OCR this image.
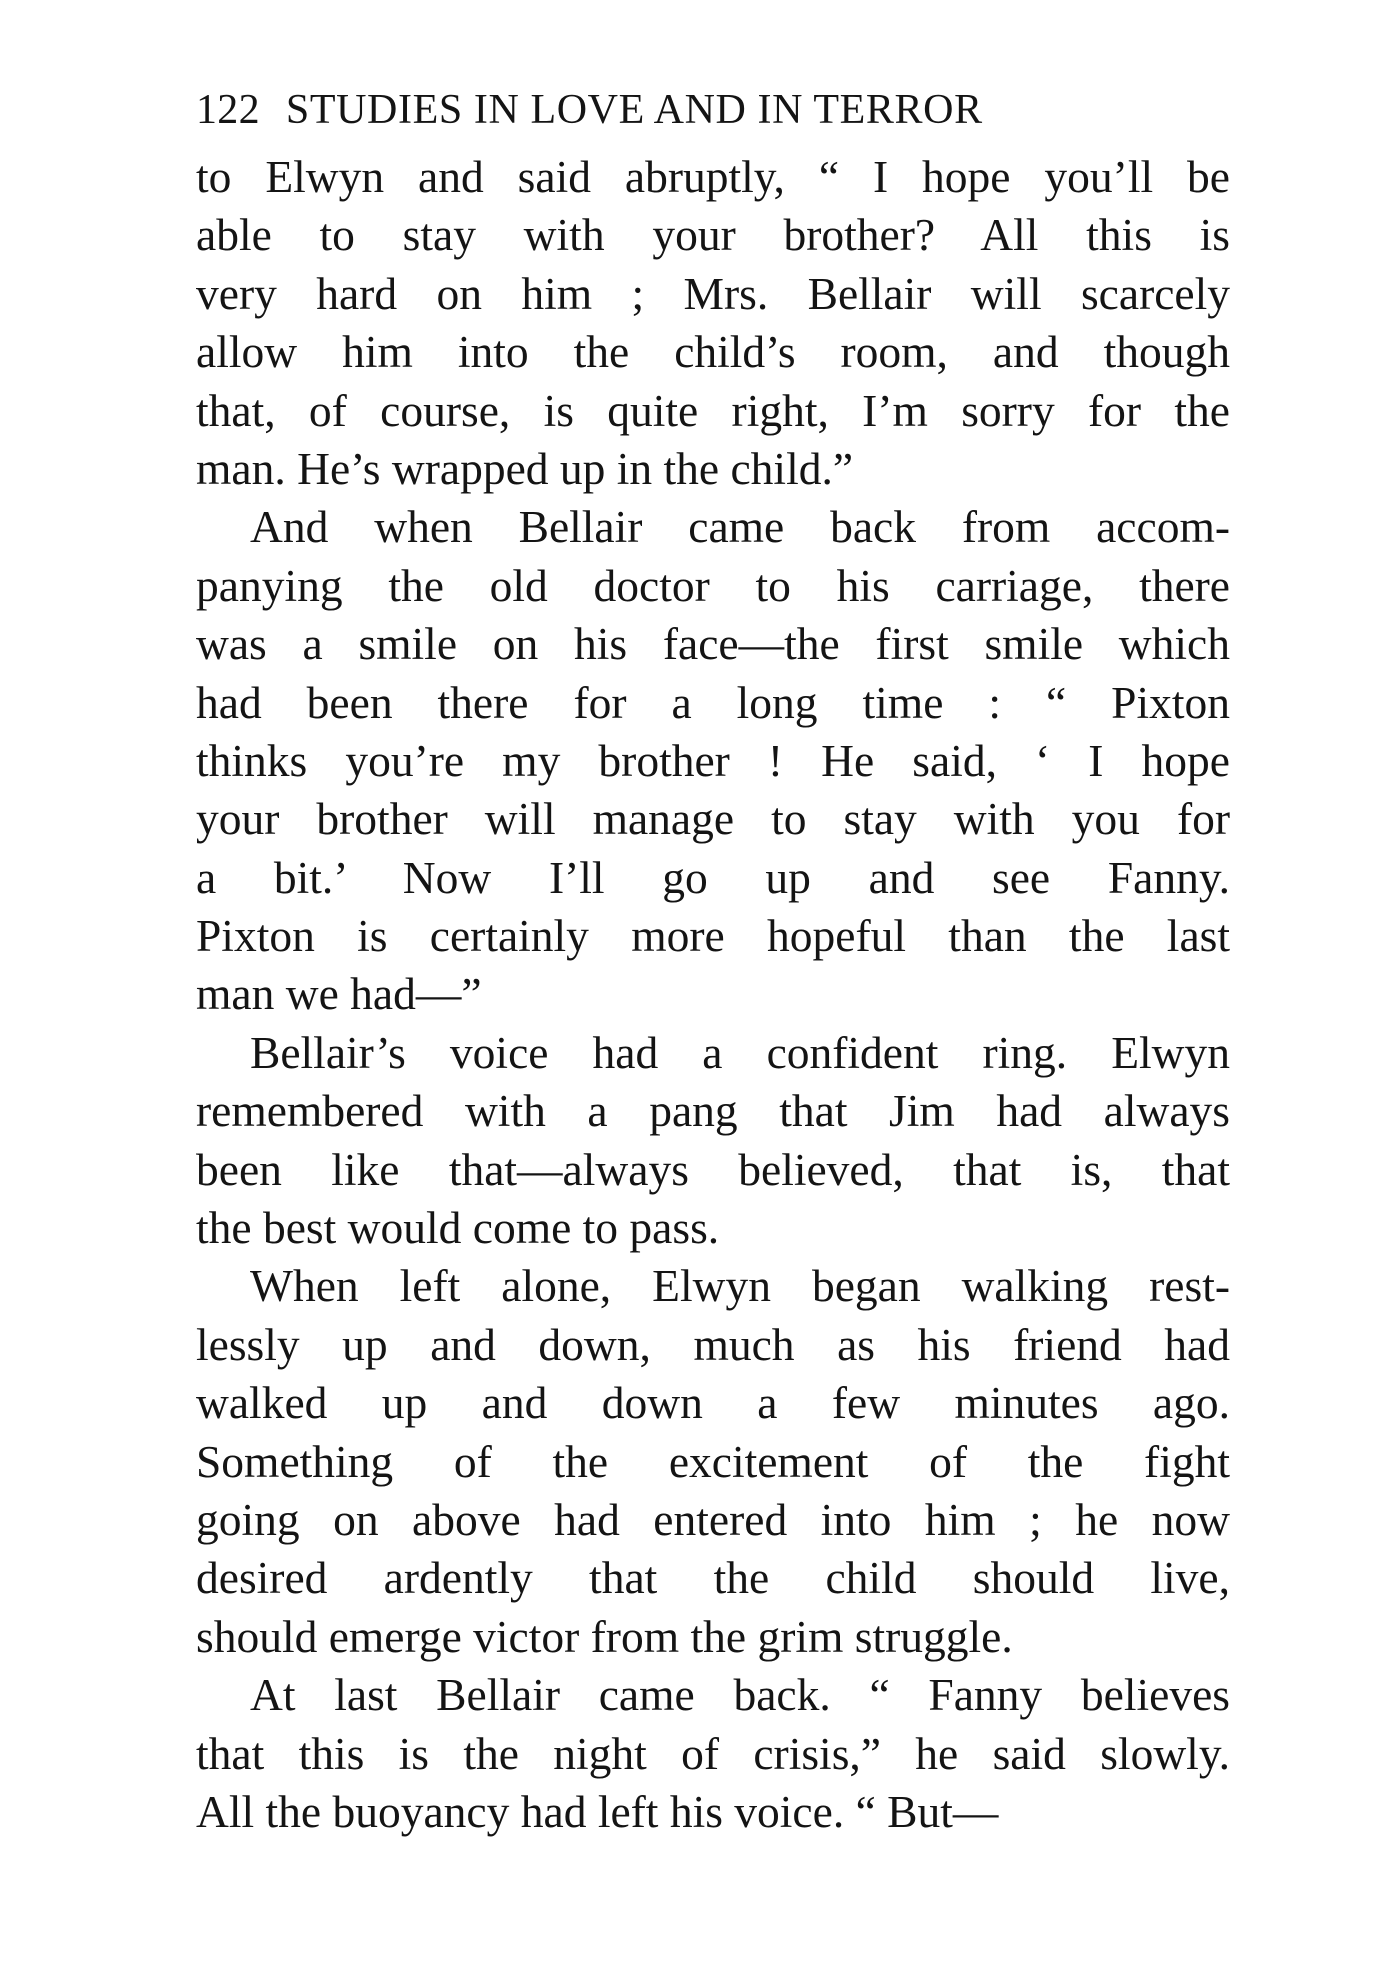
122 STUDIES IN LOVE AND IN TERROR
to Elwyn and said abruptly, “ I hope you’ll be
able to stay with your brother? All this is
very hard on him ; Mrs. Bellair will scarcely
allow him into the child’s room, and though
that, of course, is quite right, I’m sorry for the
man. He’s wrapped up in the child.”
And when Bellair came back from accom-
panying the old doctor to his carriage, there
was a smile on his face—the first smile which
had been there for a long time : “ Pixton
thinks you’re my brother ! He said, ‘ I hope
your brother will manage to stay with you for
a bit.’ Now I’ll go up and see Fanny.
Pixton is certainly more hopeful than the last
man we had—”
Bellair’s voice had a confident ring. Elwyn
remembered with a pang that Jim had always
been like that—always believed, that is, that
the best would come to pass.
When left alone, Elwyn began walking rest-
lessly up and down, much as his friend had
walked up and down a few minutes ago.
Something of the excitement of the fight
going on above had entered into him ; he now
desired ardently that the child should live,
should emerge victor from the grim struggle.
At last Bellair came back. “ Fanny believes
that this is the night of crisis,” he said slowly.
All the buoyancy had left his voice. “ But—
